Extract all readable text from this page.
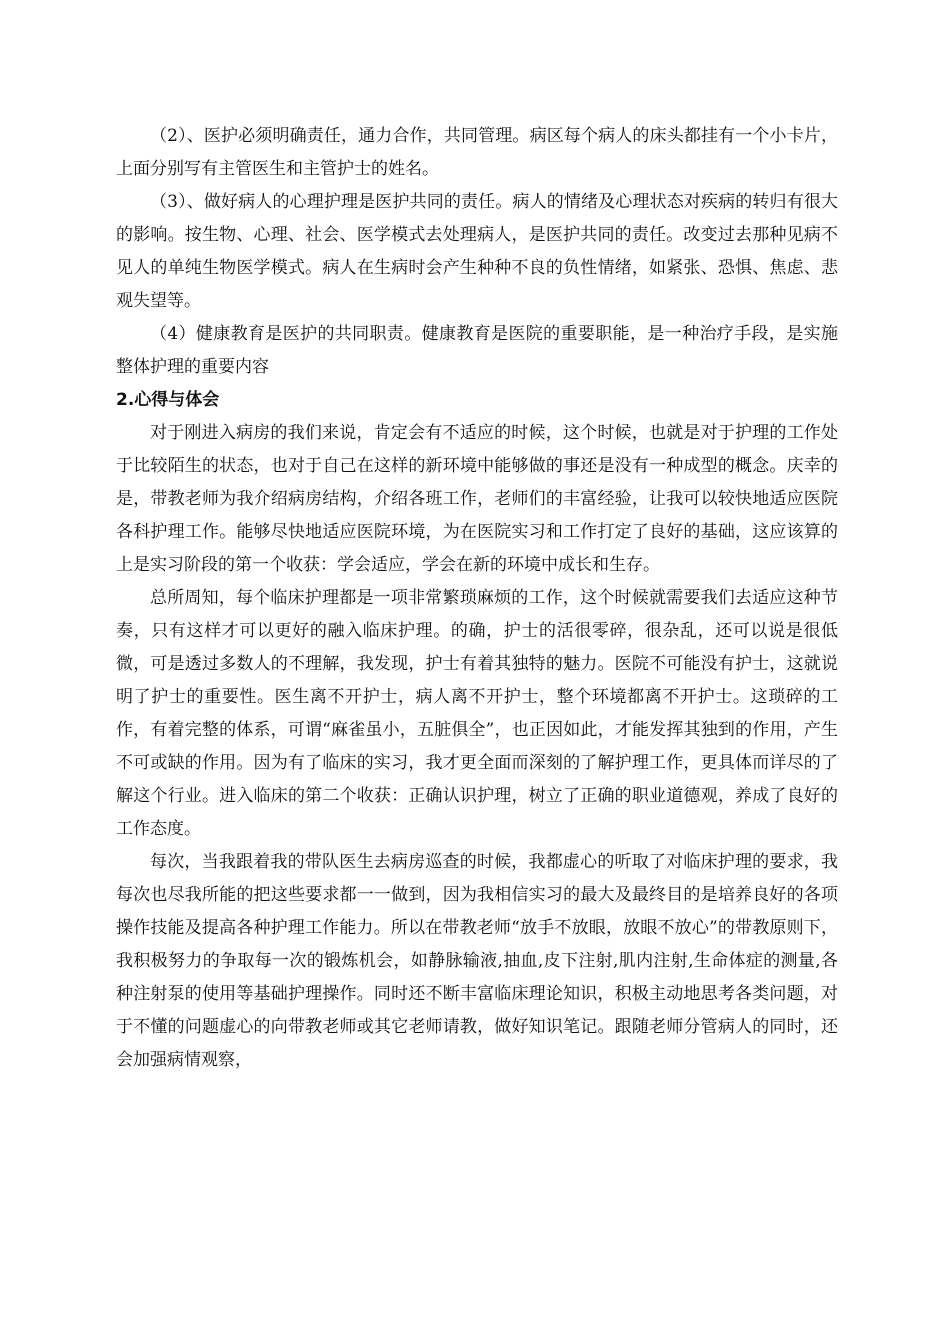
（2）、医护必须明确责任，通力合作，共同管理。病区每个病人的床头都挂有一个小卡片，上面分别写有主管医生和主管护士的姓名。

（3）、做好病人的心理护理是医护共同的责任。病人的情绪及心理状态对疾病的转归有很大的影响。按生物、心理、社会、医学模式去处理病人，是医护共同的责任。改变过去那种见病不见人的单纯生物医学模式。病人在生病时会产生种种不良的负性情绪，如紧张、恐惧、焦虑、悲观失望等。

（4）健康教育是医护的共同职责。健康教育是医院的重要职能，是一种治疗手段，是实施整体护理的重要内容

2.心得与体会

对于刚进入病房的我们来说，肯定会有不适应的时候，这个时候，也就是对于护理的工作处于比较陌生的状态，也对于自己在这样的新环境中能够做的事还是没有一种成型的概念。庆幸的是，带教老师为我介绍病房结构，介绍各班工作，老师们的丰富经验，让我可以较快地适应医院各科护理工作。能够尽快地适应医院环境，为在医院实习和工作打定了良好的基础，这应该算的上是实习阶段的第一个收获：学会适应，学会在新的环境中成长和生存。

总所周知，每个临床护理都是一项非常繁琐麻烦的工作，这个时候就需要我们去适应这种节奏，只有这样才可以更好的融入临床护理。的确，护士的活很零碎，很杂乱，还可以说是很低微，可是透过多数人的不理解，我发现，护士有着其独特的魅力。医院不可能没有护士，这就说明了护士的重要性。医生离不开护士，病人离不开护士，整个环境都离不开护士。这琐碎的工作，有着完整的体系，可谓“麻雀虽小，五脏俱全”，也正因如此，才能发挥其独到的作用，产生不可或缺的作用。因为有了临床的实习，我才更全面而深刻的了解护理工作，更具体而详尽的了解这个行业。进入临床的第二个收获：正确认识护理，树立了正确的职业道德观，养成了良好的工作态度。

每次，当我跟着我的带队医生去病房巡查的时候，我都虚心的听取了对临床护理的要求，我每次也尽我所能的把这些要求都一一做到，因为我相信实习的最大及最终目的是培养良好的各项操作技能及提高各种护理工作能力。所以在带教老师“放手不放眼，放眼不放心”的带教原则下，我积极努力的争取每一次的锻炼机会，如静脉输液,抽血,皮下注射,肌内注射,生命体症的测量,各种注射泵的使用等基础护理操作。同时还不断丰富临床理论知识，积极主动地思考各类问题，对于不懂的问题虚心的向带教老师或其它老师请教，做好知识笔记。跟随老师分管病人的同时，还会加强病情观察，
